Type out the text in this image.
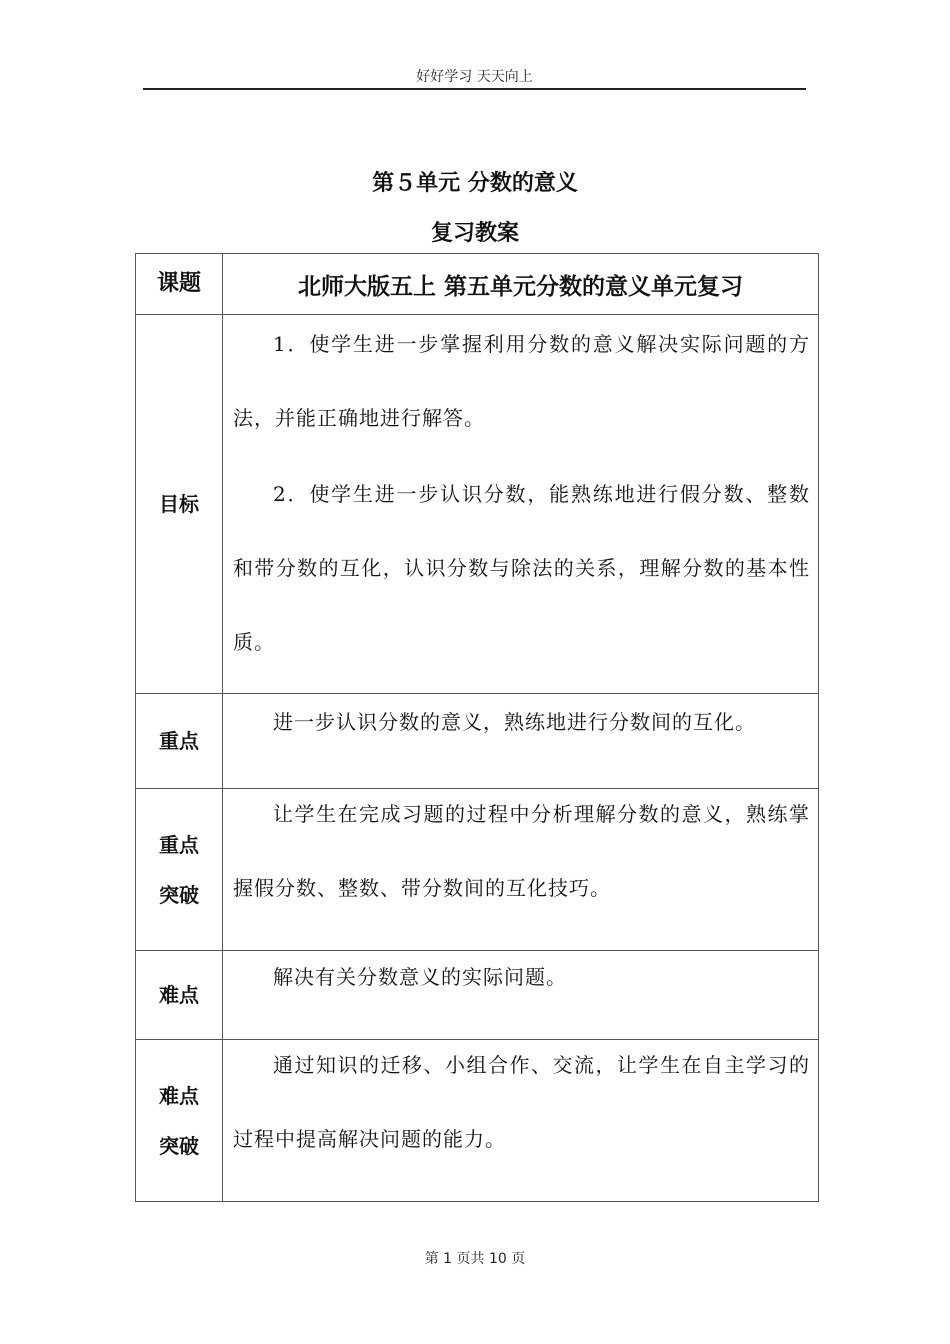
好好学习 天天向上
第５单元 分数的意义
复习教案
课题	北师大版五上 第五单元分数的意义单元复习
目标	1．使学生进一步掌握利用分数的意义解决实际问题的方法，并能正确地进行解答。

2．使学生进一步认识分数，能熟练地进行假分数、整数和带分数的互化，认识分数与除法的关系，理解分数的基本性质。

重点	进一步认识分数的意义，熟练地进行分数间的互化。

重点
突破	让学生在完成习题的过程中分析理解分数的意义，熟练掌握假分数、整数、带分数间的互化技巧。

难点	解决有关分数意义的实际问题。

难点
突破	通过知识的迁移、小组合作、交流，让学生在自主学习的过程中提高解决问题的能力。

第 1 页共 10 页
